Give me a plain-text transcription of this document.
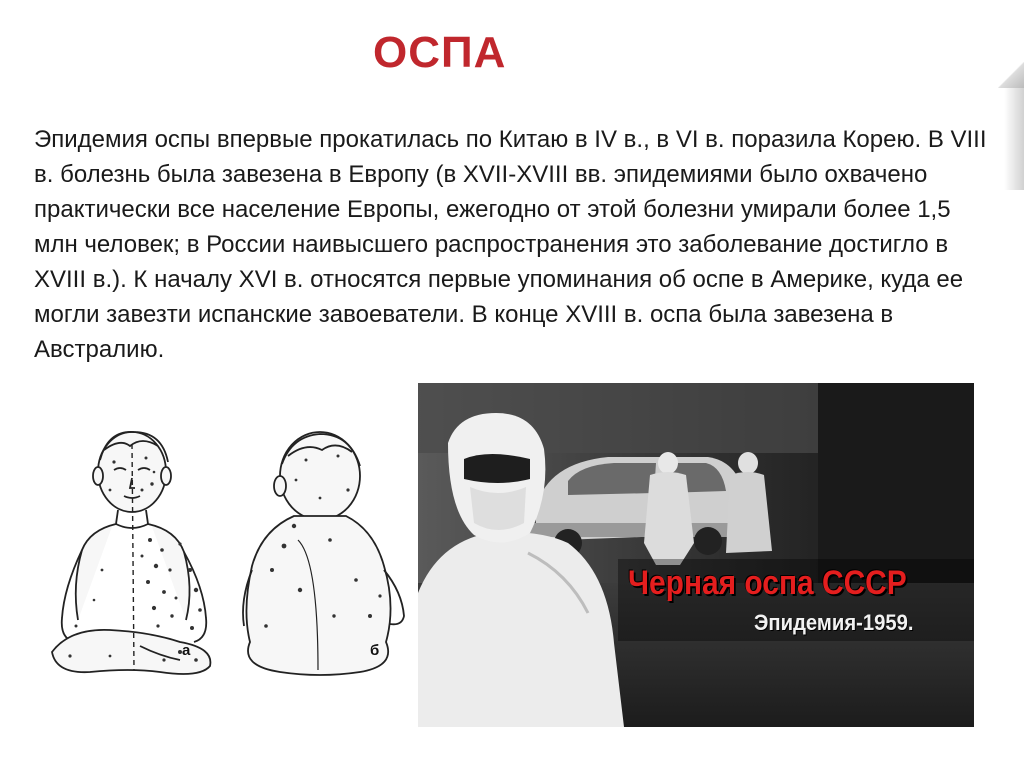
ОСПА

Эпидемия оспы впервые прокатилась по Китаю в IV в., в VI в. поразила Корею. В VIII в. болезнь была завезена в Европу (в XVII-XVIII вв. эпидемиями было охвачено практически все население Европы, ежегодно от этой болезни умирали более 1,5 млн человек; в России наивысшего распространения это заболевание достигло в XVIII в.). К началу XVI в. относятся первые упоминания об оспе в Америке, куда ее могли завезти испанские завоеватели. В конце XVIII в. оспа была завезена в Австралию.

а	б

Черная оспа СССР

Эпидемия-1959.
